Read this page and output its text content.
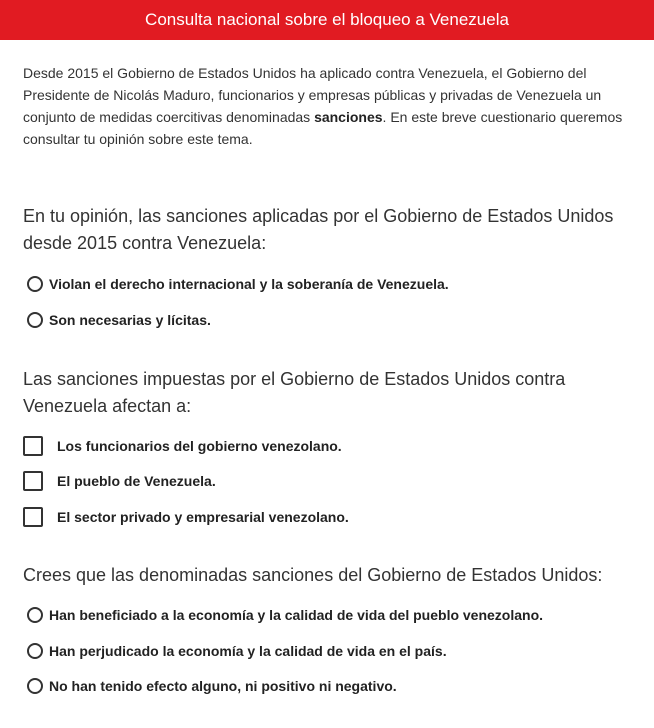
Consulta nacional sobre el bloqueo a Venezuela

Desde 2015 el Gobierno de Estados Unidos ha aplicado contra Venezuela, el Gobierno del Presidente de Nicolás Maduro, funcionarios y empresas públicas y privadas de Venezuela un conjunto de medidas coercitivas denominadas sanciones. En este breve cuestionario queremos consultar tu opinión sobre este tema.

En tu opinión, las sanciones aplicadas por el Gobierno de Estados Unidos desde 2015 contra Venezuela:
Violan el derecho internacional y la soberanía de Venezuela.
Son necesarias y lícitas.
Las sanciones impuestas por el Gobierno de Estados Unidos contra Venezuela afectan a:
Los funcionarios del gobierno venezolano.
El pueblo de Venezuela.
El sector privado y empresarial venezolano.
Crees que las denominadas sanciones del Gobierno de Estados Unidos:
Han beneficiado a la economía y la calidad de vida del pueblo venezolano.
Han perjudicado la economía y la calidad de vida en el país.
No han tenido efecto alguno, ni positivo ni negativo.
